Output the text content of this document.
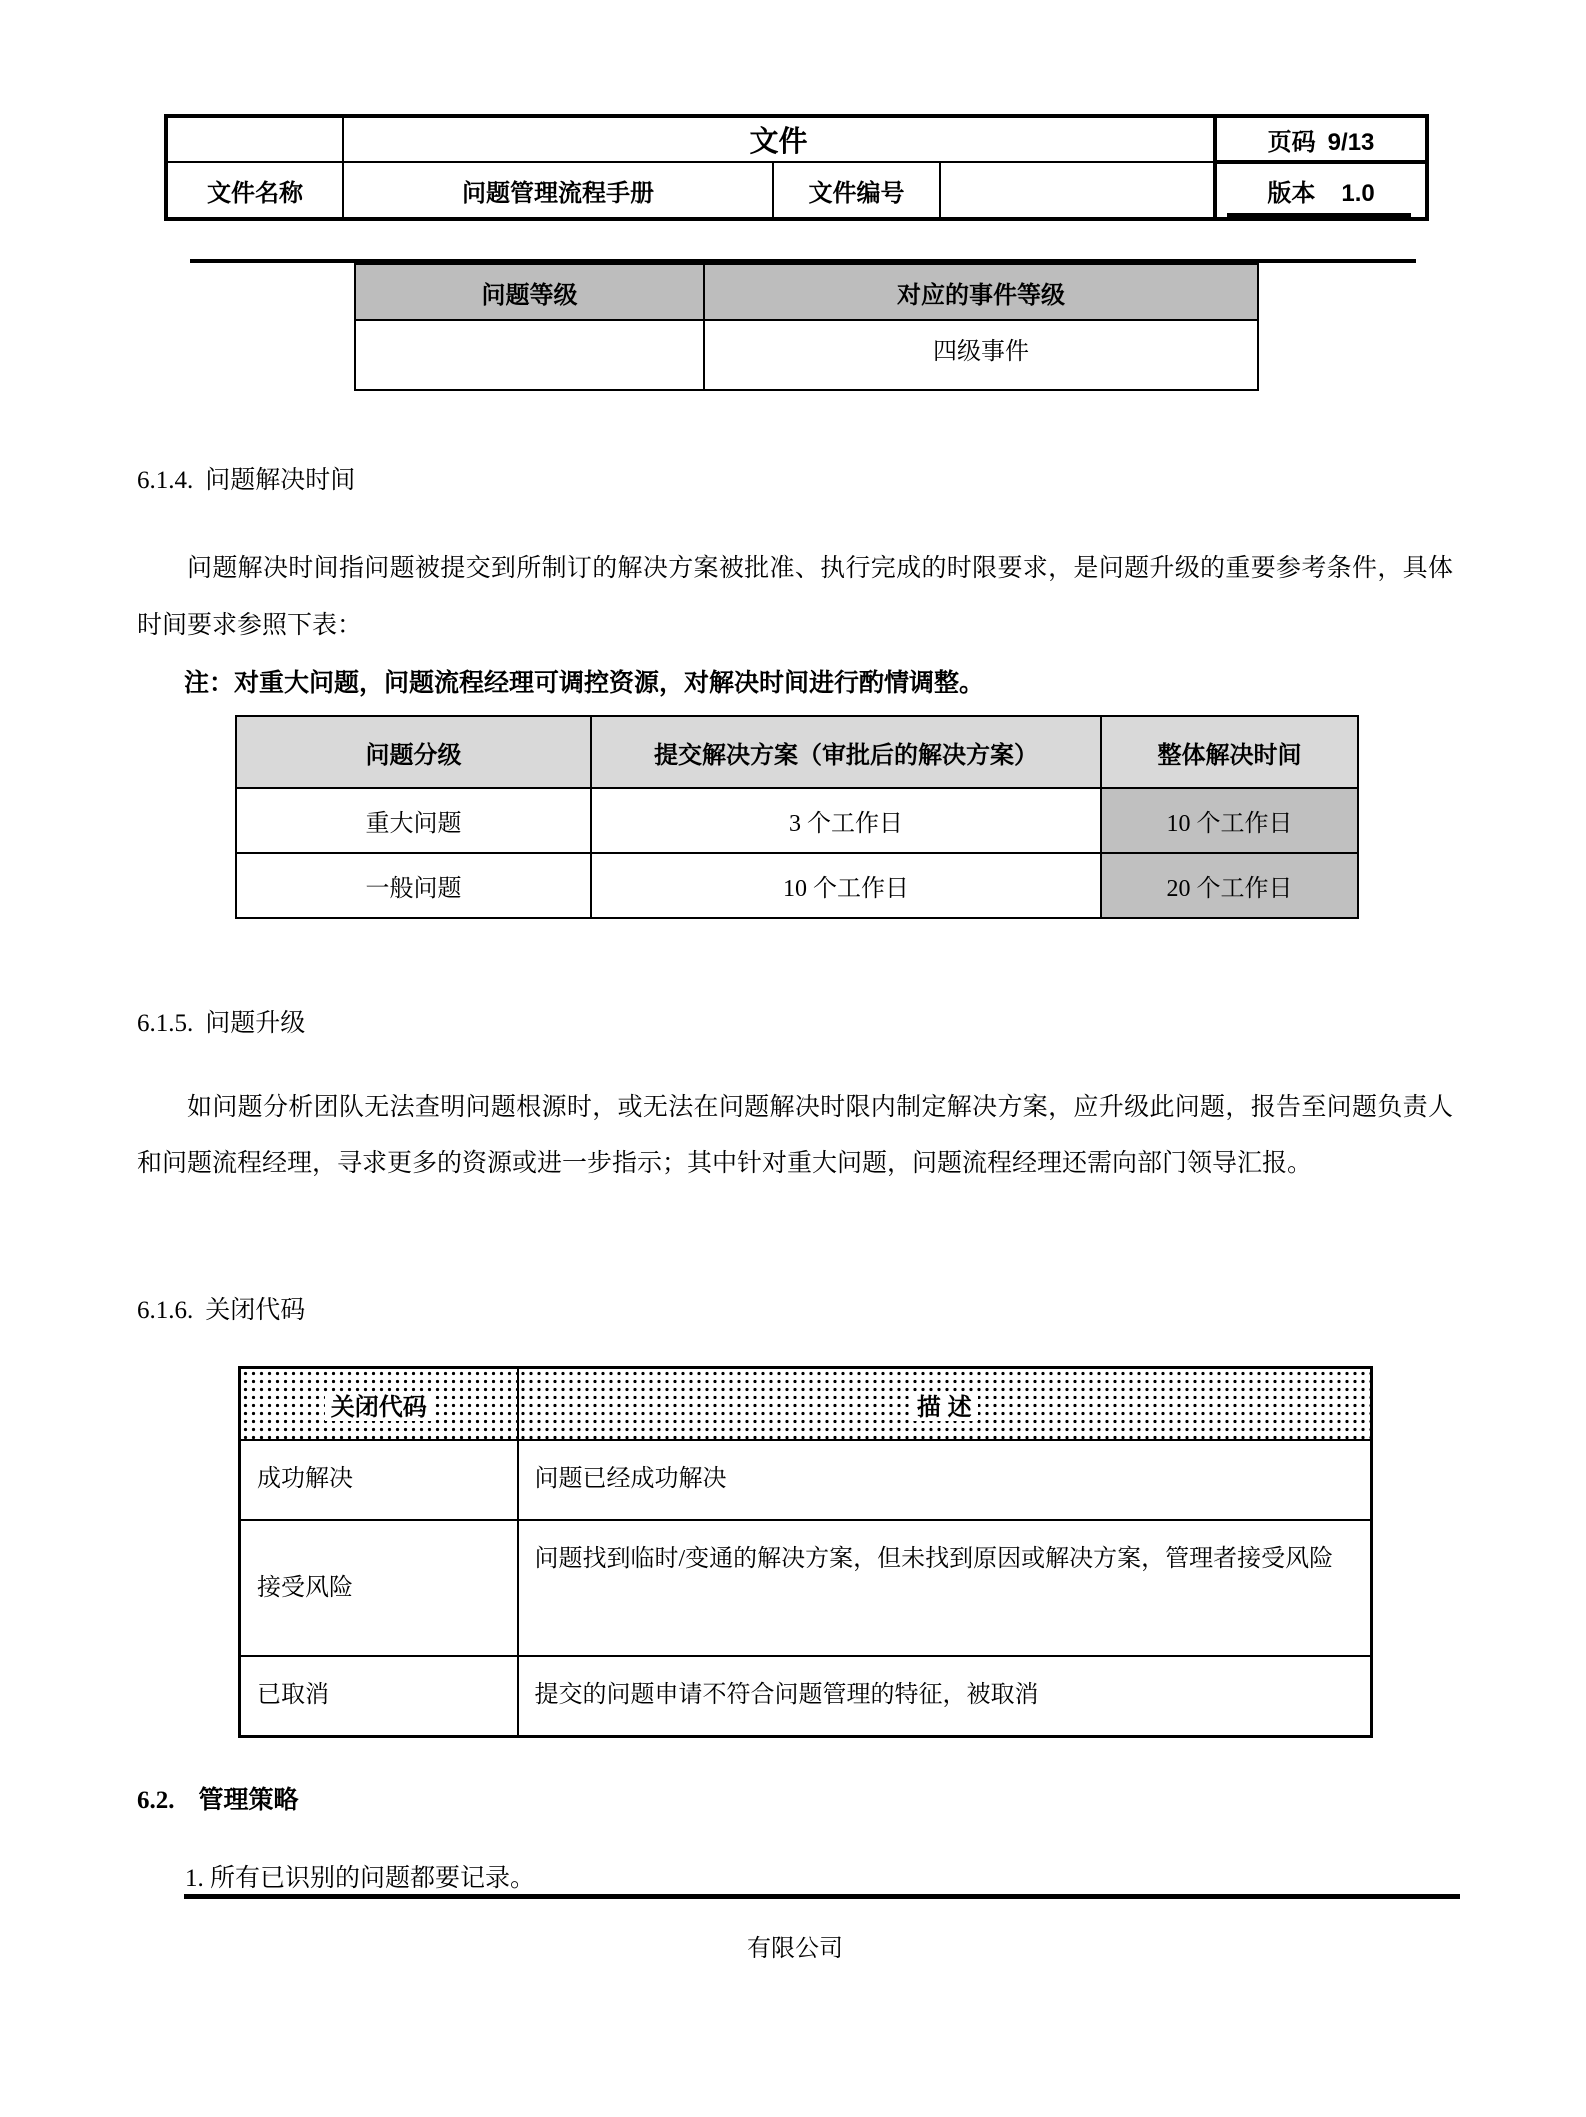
	文件			页码 9/13
文件名称	问题管理流程手册	文件编号		版本 1.0
问题等级	对应的事件等级
	四级事件
6.1.4. 问题解决时间
问题解决时间指问题被提交到所制订的解决方案被批准、执行完成的时限要求，是问题升级的重要参考条件，具体时间要求参照下表：
注：对重大问题，问题流程经理可调控资源，对解决时间进行酌情调整。
问题分级	提交解决方案（审批后的解决方案）	整体解决时间
重大问题	3 个工作日	10 个工作日
一般问题	10 个工作日	20 个工作日
6.1.5. 问题升级
如问题分析团队无法查明问题根源时，或无法在问题解决时限内制定解决方案，应升级此问题，报告至问题负责人和问题流程经理，寻求更多的资源或进一步指示；其中针对重大问题，问题流程经理还需向部门领导汇报。
6.1.6. 关闭代码
关闭代码	描 述
成功解决	问题已经成功解决
接受风险	问题找到临时/变通的解决方案，但未找到原因或解决方案，管理者接受风险
已取消	提交的问题申请不符合问题管理的特征，被取消
6.2. 管理策略
1. 所有已识别的问题都要记录。
有限公司
